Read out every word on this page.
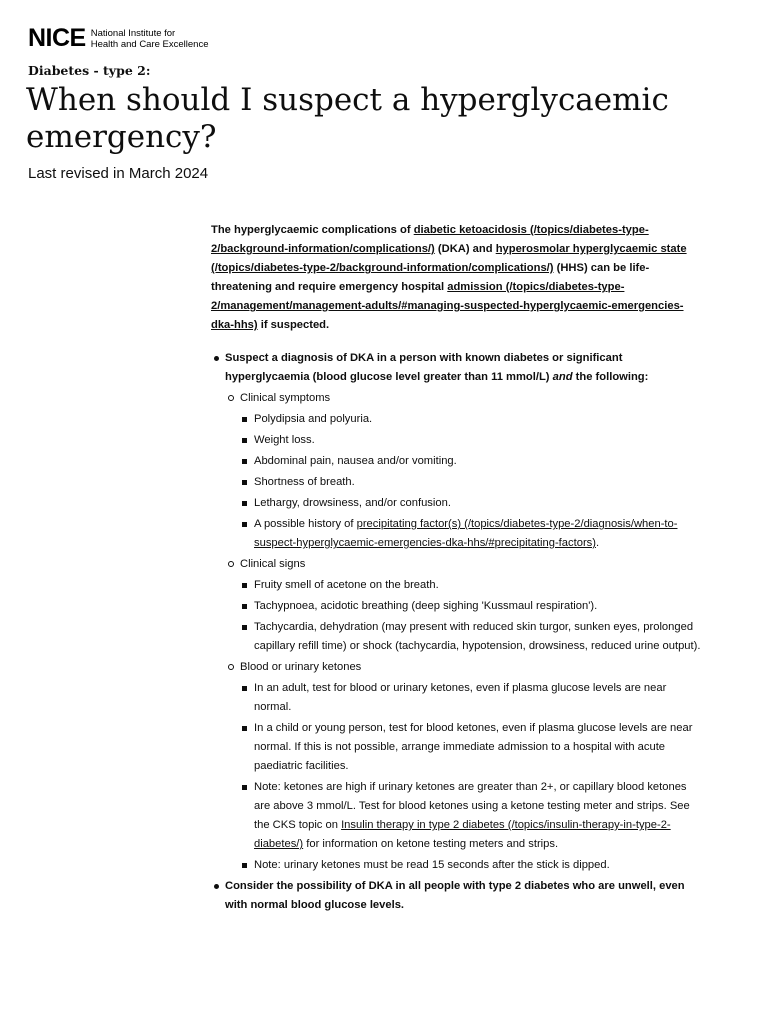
NICE National Institute for
Health and Care Excellence
Diabetes - type 2:
When should I suspect a hyperglycaemic emergency?
Last revised in March 2024

The hyperglycaemic complications of diabetic ketoacidosis (/topics/diabetes-type-2/background-information/complications/) (DKA) and hyperosmolar hyperglycaemic state (/topics/diabetes-type-2/background-information/complications/) (HHS) can be life-threatening and require emergency hospital admission (/topics/diabetes-type-2/management/management-adults/#managing-suspected-hyperglycaemic-emergencies-dka-hhs) if suspected.

Suspect a diagnosis of DKA in a person with known diabetes or significant hyperglycaemia (blood glucose level greater than 11 mmol/L) and the following:
Clinical symptoms
Polydipsia and polyuria.
Weight loss.
Abdominal pain, nausea and/or vomiting.
Shortness of breath.
Lethargy, drowsiness, and/or confusion.
A possible history of precipitating factor(s) (/topics/diabetes-type-2/diagnosis/when-to-suspect-hyperglycaemic-emergencies-dka-hhs/#precipitating-factors).
Clinical signs
Fruity smell of acetone on the breath.
Tachypnoea, acidotic breathing (deep sighing 'Kussmaul respiration').
Tachycardia, dehydration (may present with reduced skin turgor, sunken eyes, prolonged capillary refill time) or shock (tachycardia, hypotension, drowsiness, reduced urine output).
Blood or urinary ketones
In an adult, test for blood or urinary ketones, even if plasma glucose levels are near normal.
In a child or young person, test for blood ketones, even if plasma glucose levels are near normal. If this is not possible, arrange immediate admission to a hospital with acute paediatric facilities.
Note: ketones are high if urinary ketones are greater than 2+, or capillary blood ketones are above 3 mmol/L. Test for blood ketones using a ketone testing meter and strips. See the CKS topic on Insulin therapy in type 2 diabetes (/topics/insulin-therapy-in-type-2-diabetes/) for information on ketone testing meters and strips.
Note: urinary ketones must be read 15 seconds after the stick is dipped.
Consider the possibility of DKA in all people with type 2 diabetes who are unwell, even with normal blood glucose levels.
